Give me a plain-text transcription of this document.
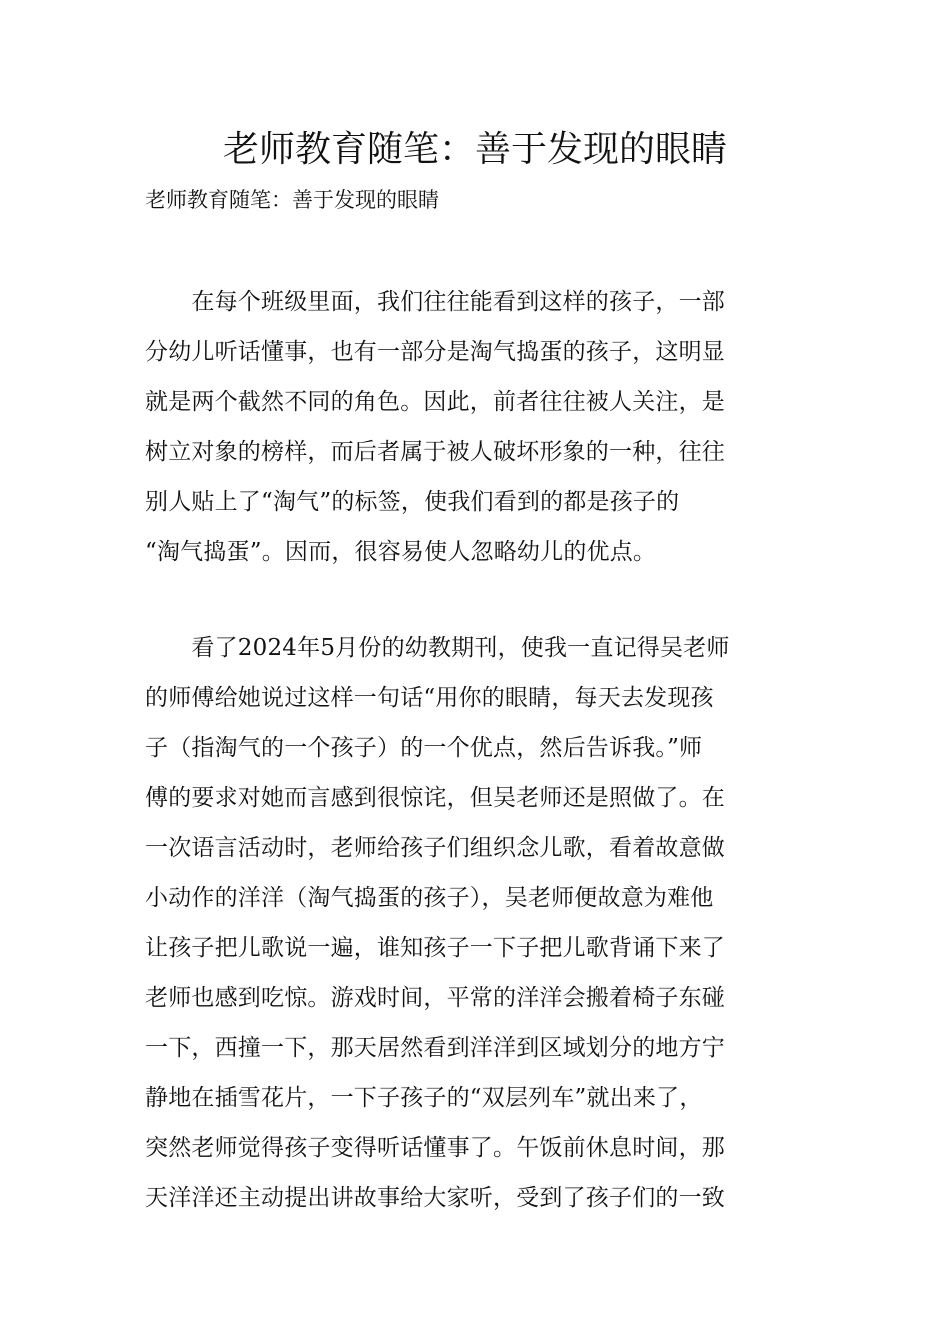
老师教育随笔：善于发现的眼睛

老师教育随笔：善于发现的眼睛

　　在每个班级里面，我们往往能看到这样的孩子，一部
分幼儿听话懂事，也有一部分是淘气捣蛋的孩子，这明显
就是两个截然不同的角色。因此，前者往往被人关注，是
树立对象的榜样，而后者属于被人破坏形象的一种，往往
别人贴上了“淘气”的标签，使我们看到的都是孩子的
“淘气捣蛋”。因而，很容易使人忽略幼儿的优点。
　　看了2024年5月份的幼教期刊，使我一直记得吴老师
的师傅给她说过这样一句话“用你的眼睛，每天去发现孩
子（指淘气的一个孩子）的一个优点，然后告诉我。”师
傅的要求对她而言感到很惊诧，但吴老师还是照做了。在
一次语言活动时，老师给孩子们组织念儿歌，看着故意做
小动作的洋洋（淘气捣蛋的孩子），吴老师便故意为难他
让孩子把儿歌说一遍，谁知孩子一下子把儿歌背诵下来了
老师也感到吃惊。游戏时间，平常的洋洋会搬着椅子东碰
一下，西撞一下，那天居然看到洋洋到区域划分的地方宁
静地在插雪花片，一下子孩子的“双层列车”就出来了，
突然老师觉得孩子变得听话懂事了。午饭前休息时间，那
天洋洋还主动提出讲故事给大家听，受到了孩子们的一致
